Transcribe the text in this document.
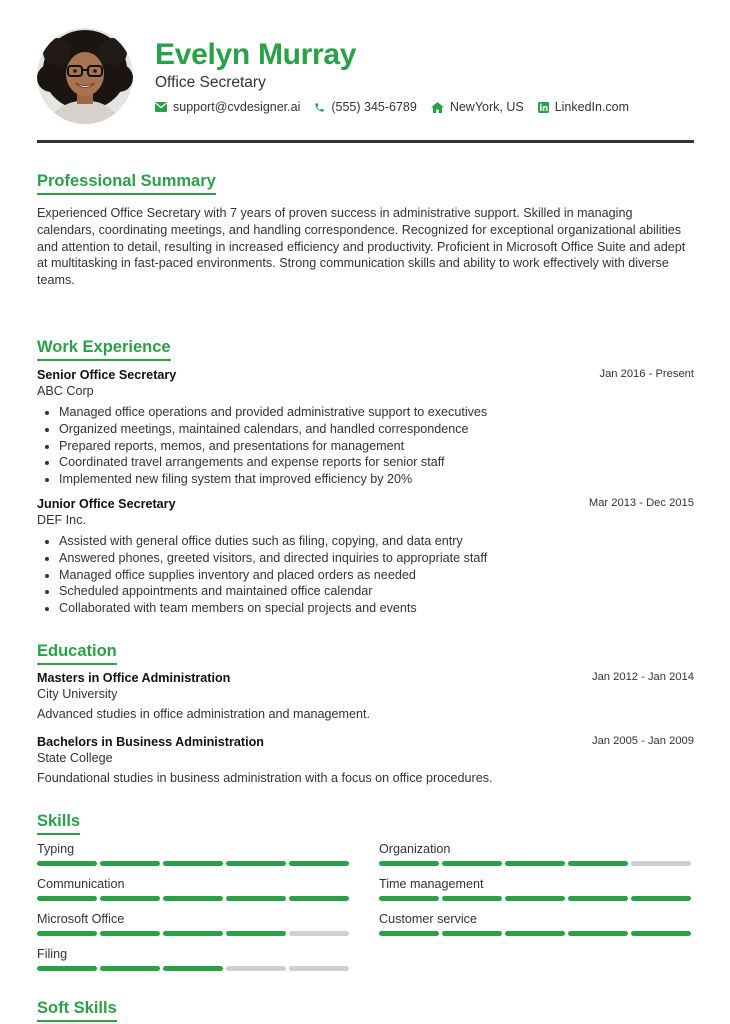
Evelyn Murray
Office Secretary
support@cvdesigner.ai (555) 345-6789	NewYork, US LinkedIn.com
Professional Summary

Experienced Office Secretary with 7 years of proven success in administrative support. Skilled in managing calendars, coordinating meetings, and handling correspondence. Recognized for exceptional organizational abilities and attention to detail, resulting in increased efficiency and productivity. Proficient in Microsoft Office Suite and adept at multitasking in fast-paced environments. Strong communication skills and ability to work effectively with diverse teams.

Work Experience
Senior Office Secretary	Jan 2016 - Present
ABC Corp
• Managed office operations and provided administrative support to executives
• Organized meetings, maintained calendars, and handled correspondence
• Prepared reports, memos, and presentations for management
• Coordinated travel arrangements and expense reports for senior staff
• Implemented new filing system that improved efficiency by 20%
Junior Office Secretary	Mar 2013 - Dec 2015
DEF Inc.
• Assisted with general office duties such as filing, copying, and data entry
• Answered phones, greeted visitors, and directed inquiries to appropriate staff
• Managed office supplies inventory and placed orders as needed
• Scheduled appointments and maintained office calendar
• Collaborated with team members on special projects and events
Education
Masters in Office Administration	Jan 2012 - Jan 2014
City University
Advanced studies in office administration and management.
Bachelors in Business Administration	Jan 2005 - Jan 2009
State College
Foundational studies in business administration with a focus on office procedures.
Skills
Typing	Organization
Communication	Time management
Microsoft Office	Customer service
Filing
Soft Skills
